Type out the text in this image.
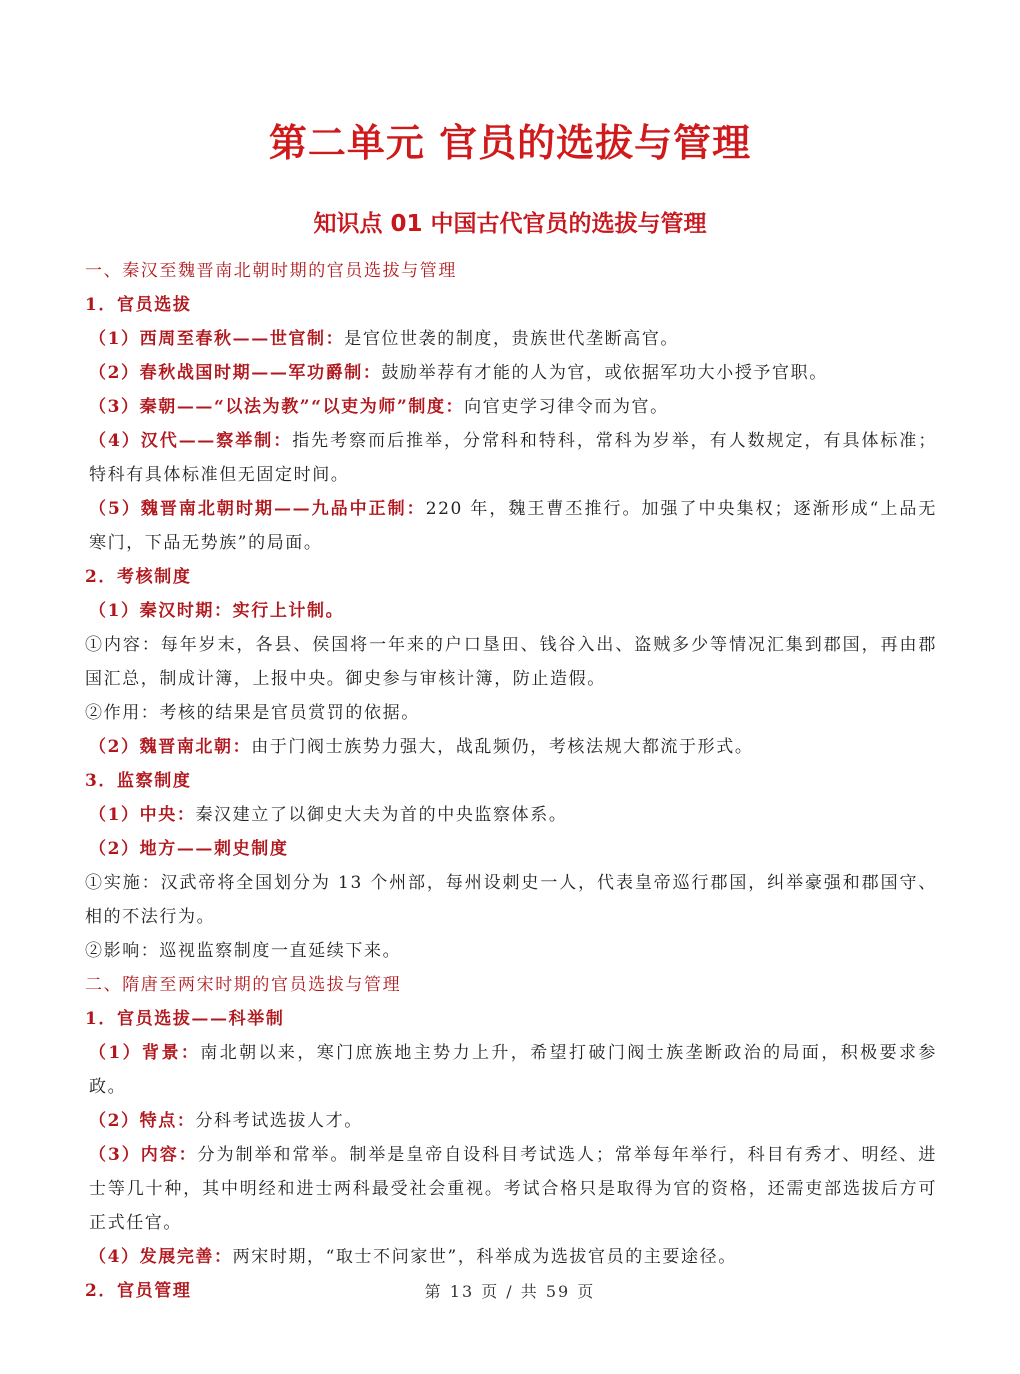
第二单元 官员的选拔与管理
知识点 01 中国古代官员的选拔与管理

一、秦汉至魏晋南北朝时期的官员选拔与管理

1．官员选拔

（1）西周至春秋——世官制：是官位世袭的制度，贵族世代垄断高官。

（2）春秋战国时期——军功爵制：鼓励举荐有才能的人为官，或依据军功大小授予官职。

（3）秦朝——“以法为教”“以吏为师”制度：向官吏学习律令而为官。

（4）汉代——察举制：指先考察而后推举，分常科和特科，常科为岁举，有人数规定，有具体标准；特科有具体标准但无固定时间。

（5）魏晋南北朝时期——九品中正制：220 年，魏王曹丕推行。加强了中央集权；逐渐形成“上品无寒门，下品无势族”的局面。

2．考核制度

（1）秦汉时期：实行上计制。

①内容：每年岁末，各县、侯国将一年来的户口垦田、钱谷入出、盗贼多少等情况汇集到郡国，再由郡国汇总，制成计簿，上报中央。御史参与审核计簿，防止造假。

②作用：考核的结果是官员赏罚的依据。

（2）魏晋南北朝：由于门阀士族势力强大，战乱频仍，考核法规大都流于形式。

3．监察制度

（1）中央：秦汉建立了以御史大夫为首的中央监察体系。

（2）地方——刺史制度

①实施：汉武帝将全国划分为 13 个州部，每州设刺史一人，代表皇帝巡行郡国，纠举豪强和郡国守、相的不法行为。

②影响：巡视监察制度一直延续下来。

二、隋唐至两宋时期的官员选拔与管理

1．官员选拔——科举制

（1）背景：南北朝以来，寒门庶族地主势力上升，希望打破门阀士族垄断政治的局面，积极要求参政。

（2）特点：分科考试选拔人才。

（3）内容：分为制举和常举。制举是皇帝自设科目考试选人；常举每年举行，科目有秀才、明经、进士等几十种，其中明经和进士两科最受社会重视。考试合格只是取得为官的资格，还需吏部选拔后方可正式任官。

（4）发展完善：两宋时期，“取士不问家世”，科举成为选拔官员的主要途径。

2．官员管理	第 13 页 / 共 59 页
